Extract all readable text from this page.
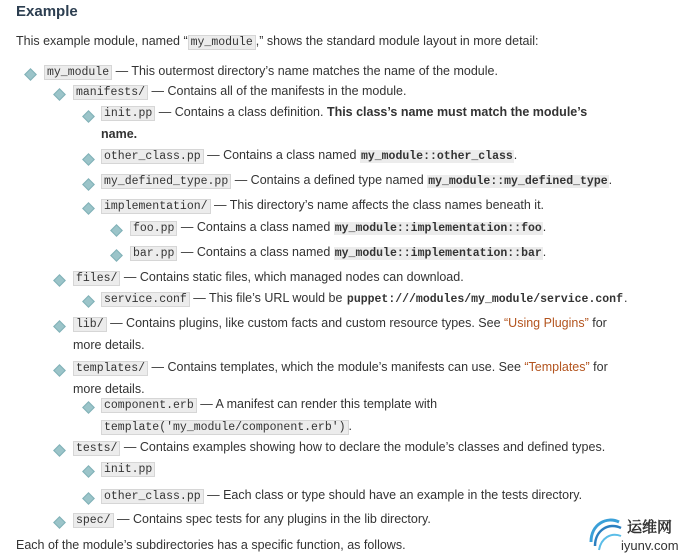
Example
This example module, named “ my_module ,” shows the standard module layout in more detail:
my_module — This outermost directory’s name matches the name of the module.
manifests/ — Contains all of the manifests in the module.
init.pp — Contains a class definition. This class’s name must match the module’s
name.
other_class.pp — Contains a class named my_module::other_class.
my_defined_type.pp — Contains a defined type named my_module::my_defined_type.
implementation/ — This directory’s name affects the class names beneath it.
foo.pp — Contains a class named my_module::implementation::foo.
bar.pp — Contains a class named my_module::implementation::bar.
files/ — Contains static files, which managed nodes can download.
service.conf — This file’s URL would be puppet:///modules/my_module/service.conf.
lib/ — Contains plugins, like custom facts and custom resource types. See “Using Plugins” for
more details.
templates/ — Contains templates, which the module’s manifests can use. See “Templates” for
more details.
component.erb — A manifest can render this template with
template('my_module/component.erb') .
tests/ — Contains examples showing how to declare the module’s classes and defined types.
init.pp
other_class.pp — Each class or type should have an example in the tests directory.
spec/ — Contains spec tests for any plugins in the lib directory.
Each of the module’s subdirectories has a specific function, as follows.
运维网
iyunv.com
